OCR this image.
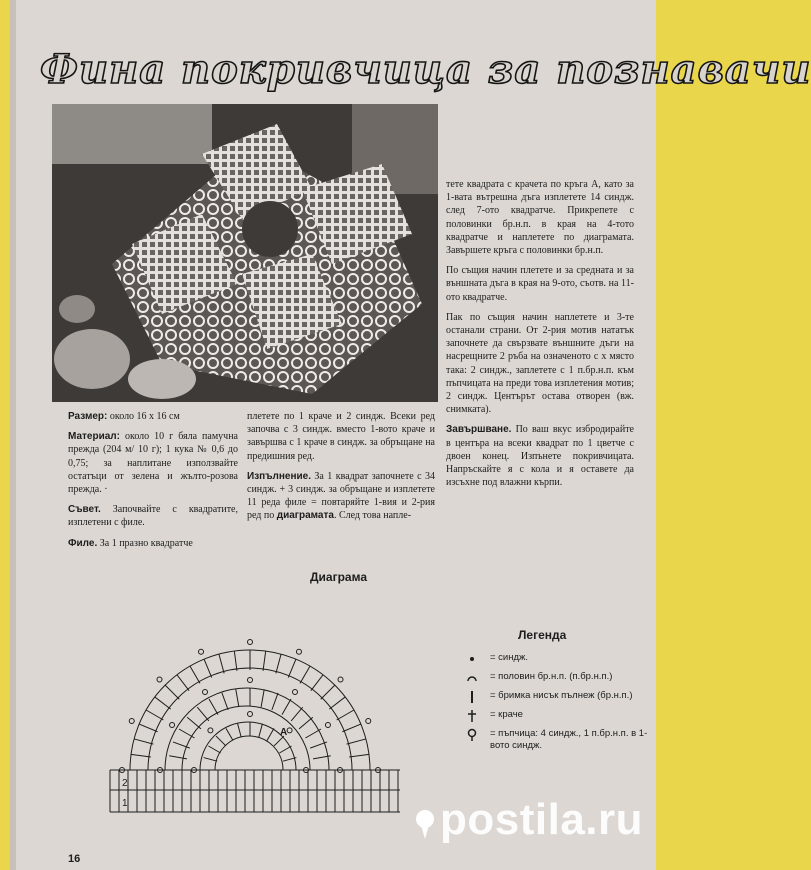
Фина покривчица за познавачи

Размер: около 16 x 16 см

Материал: около 10 г бяла памучна прежда (204 м/ 10 г); 1 кука № 0,6 до 0,75; за наплитане използвайте остатъци от зелена и жълто-розова прежда. ·

Съвет. Започвайте с квадратите, изплетени с филе.

Филе. За 1 празно квадратче

плетете по 1 краче и 2 синдж. Всеки ред започва с 3 синдж. вместо 1-вото краче и завършва с 1 краче в синдж. за обръщане на предишния ред.

Изпълнение. За 1 квадрат започнете с 34 синдж. + 3 синдж. за обръщане и изплетете 11 реда филе = повтаряйте 1-вия и 2-рия ред по диаграмата. След това напле-

тете квадрата с крачета по кръга А, като за 1-вата вътрешна дъга изплетете 14 синдж. след 7-ото квадратче. Прикрепете с половинки бр.н.п. в края на 4-тото квадратче и наплетете по диаграмата. Завършете кръга с половинки бр.н.п.

По същия начин плетете и за средната и за външната дъга в края на 9-ото, съотв. на 11-ото квадратче.

Пак по същия начин наплетете и 3-те останали страни. От 2-рия мотив нататък започнете да свързвате външните дъги на насрещните 2 ръба на означеното с x място така: 2 синдж., заплетете с 1 п.бр.н.п. към пъпчицата на преди това изплетения мотив; 2 синдж. Центърът остава отворен (вж. снимката).

Завършване. По ваш вкус избродирайте в центъра на всеки квадрат по 1 цветче с двоен конец. Изпънете покривчицата. Напръскайте я с кола и я оставете да изсъхне под влажни кърпи.

Диаграма
2
1
A
Легенда
= синдж.
= половин бр.н.п. (п.бр.н.п.)
= бримка нисък пълнеж (бр.н.п.)
= краче
= пъпчица: 4 синдж., 1 п.бр.н.п. в 1-вото синдж.
16
postila.ru
